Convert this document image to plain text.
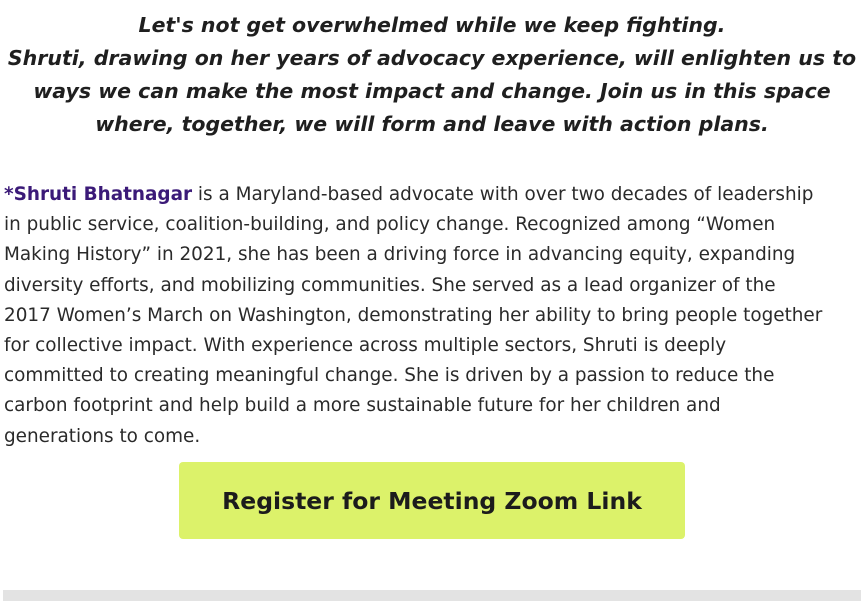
Let's not get overwhelmed while we keep fighting.
Shruti, drawing on her years of advocacy experience, will enlighten us to
ways we can make the most impact and change. Join us in this space
where, together, we will form and leave with action plans.
*Shruti Bhatnagar is a Maryland-based advocate with over two decades of leadership
in public service, coalition-building, and policy change. Recognized among “Women
Making History” in 2021, she has been a driving force in advancing equity, expanding
diversity efforts, and mobilizing communities. She served as a lead organizer of the
2017 Women’s March on Washington, demonstrating her ability to bring people together
for collective impact. With experience across multiple sectors, Shruti is deeply
committed to creating meaningful change. She is driven by a passion to reduce the
carbon footprint and help build a more sustainable future for her children and
generations to come.
Register for Meeting Zoom Link
